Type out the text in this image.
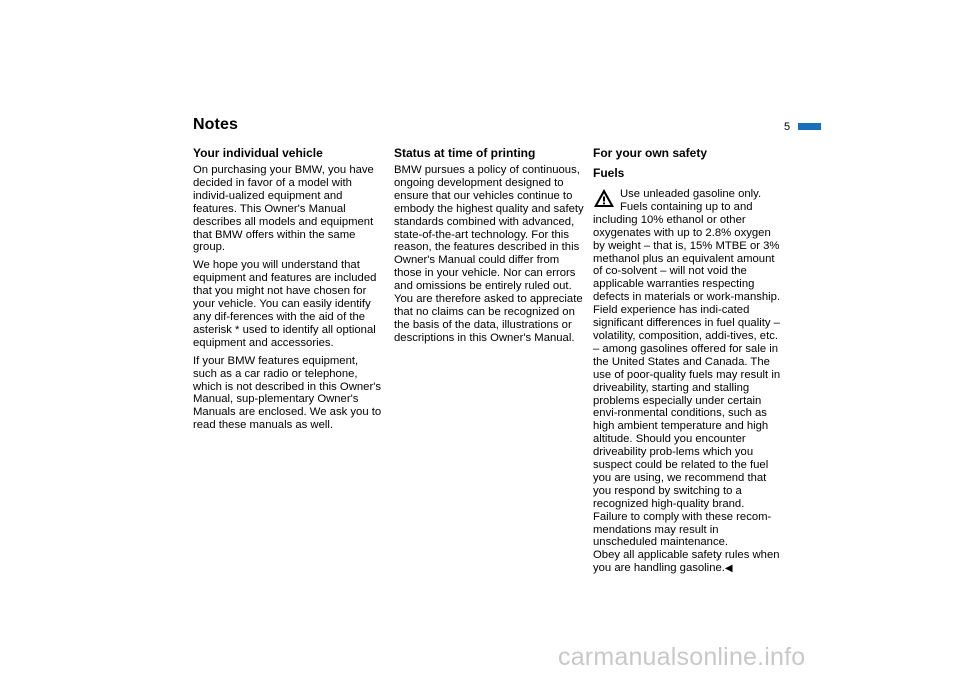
Notes	5
Your individual vehicle

On purchasing your BMW, you have decided in favor of a model with individ-ualized equipment and features. This Owner's Manual describes all models and equipment that BMW offers within the same group.

We hope you will understand that equipment and features are included that you might not have chosen for your vehicle. You can easily identify any dif-ferences with the aid of the asterisk * used to identify all optional equipment and accessories.

If your BMW features equipment, such as a car radio or telephone, which is not described in this Owner's Manual, sup-plementary Owner's Manuals are enclosed. We ask you to read these manuals as well.

Status at time of printing

BMW pursues a policy of continuous, ongoing development designed to ensure that our vehicles continue to embody the highest quality and safety standards combined with advanced, state-of-the-art technology. For this reason, the features described in this Owner's Manual could differ from those in your vehicle. Nor can errors and omissions be entirely ruled out. You are therefore asked to appreciate that no claims can be recognized on the basis of the data, illustrations or descriptions in this Owner's Manual.

For your own safety
Fuels

Use unleaded gasoline only. Fuels containing up to and including 10% ethanol or other oxygenates with up to 2.8% oxygen by weight – that is, 15% MTBE or 3% methanol plus an equivalent amount of co-solvent – will not void the applicable warranties respecting defects in materials or work-manship. Field experience has indi-cated significant differences in fuel quality – volatility, composition, addi-tives, etc. – among gasolines offered for sale in the United States and Canada. The use of poor-quality fuels may result in driveability, starting and stalling problems especially under certain envi-ronmental conditions, such as high ambient temperature and high altitude. Should you encounter driveability prob-lems which you suspect could be related to the fuel you are using, we recommend that you respond by switching to a recognized high-quality brand.

Failure to comply with these recom-mendations may result in unscheduled maintenance.

Obey all applicable safety rules when you are handling gasoline.◀

carmanualsonline.info
